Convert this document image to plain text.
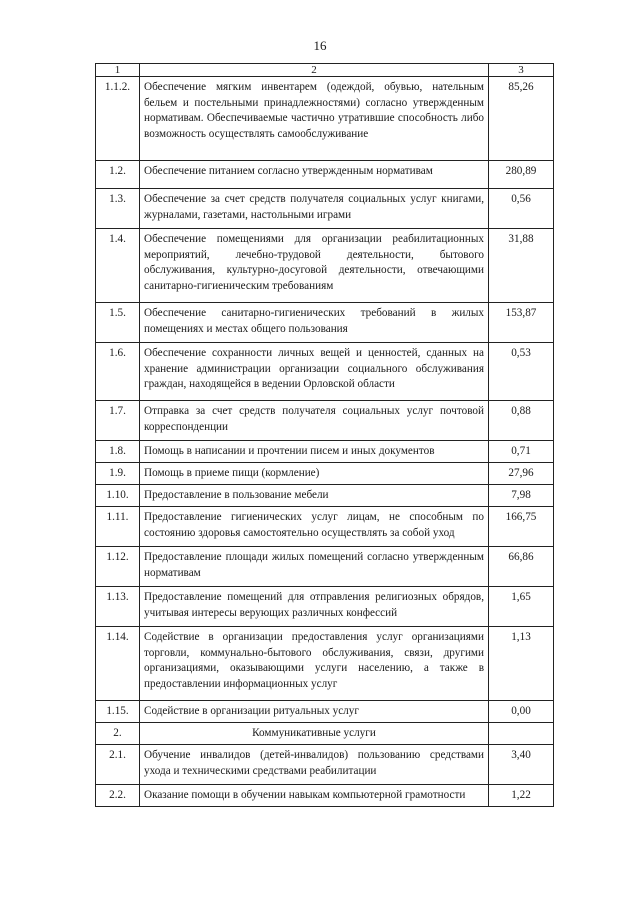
16
1	2	3
1.1.2.	Обеспечение мягким инвентарем (одеждой, обувью, нательным бельем и постельными принадлежностями) согласно утвержденным нормативам. Обеспечиваемые частично утратившие способность либо возможность осуществлять самообслуживание	85,26
1.2.	Обеспечение питанием согласно утвержденным нормативам	280,89
1.3.	Обеспечение за счет средств получателя социальных услуг книгами, журналами, газетами, настольными играми	0,56
1.4.	Обеспечение помещениями для организации реабилитационных мероприятий, лечебно-трудовой деятельности, бытового обслуживания, культурно-досуговой деятельности, отвечающими санитарно-гигиеническим требованиям	31,88
1.5.	Обеспечение санитарно-гигиенических требований в жилых помещениях и местах общего пользования	153,87
1.6.	Обеспечение сохранности личных вещей и ценностей, сданных на хранение администрации организации социального обслуживания граждан, находящейся в ведении Орловской области	0,53
1.7.	Отправка за счет средств получателя социальных услуг почтовой корреспонденции	0,88
1.8.	Помощь в написании и прочтении писем и иных документов	0,71
1.9.	Помощь в приеме пищи (кормление)	27,96
1.10.	Предоставление в пользование мебели	7,98
1.11.	Предоставление гигиенических услуг лицам, не способным по состоянию здоровья самостоятельно осуществлять за собой уход	166,75
1.12.	Предоставление площади жилых помещений согласно утвержденным нормативам	66,86
1.13.	Предоставление помещений для отправления религиозных обрядов, учитывая интересы верующих различных конфессий	1,65
1.14.	Содействие в организации предоставления услуг организациями торговли, коммунально-бытового обслуживания, связи, другими организациями, оказывающими услуги населению, а также в предоставлении информационных услуг	1,13
1.15.	Содействие в организации ритуальных услуг	0,00
2.	Коммуникативные услуги	
2.1.	Обучение инвалидов (детей-инвалидов) пользованию средствами ухода и техническими средствами реабилитации	3,40
2.2.	Оказание помощи в обучении навыкам компьютерной грамотности	1,22
